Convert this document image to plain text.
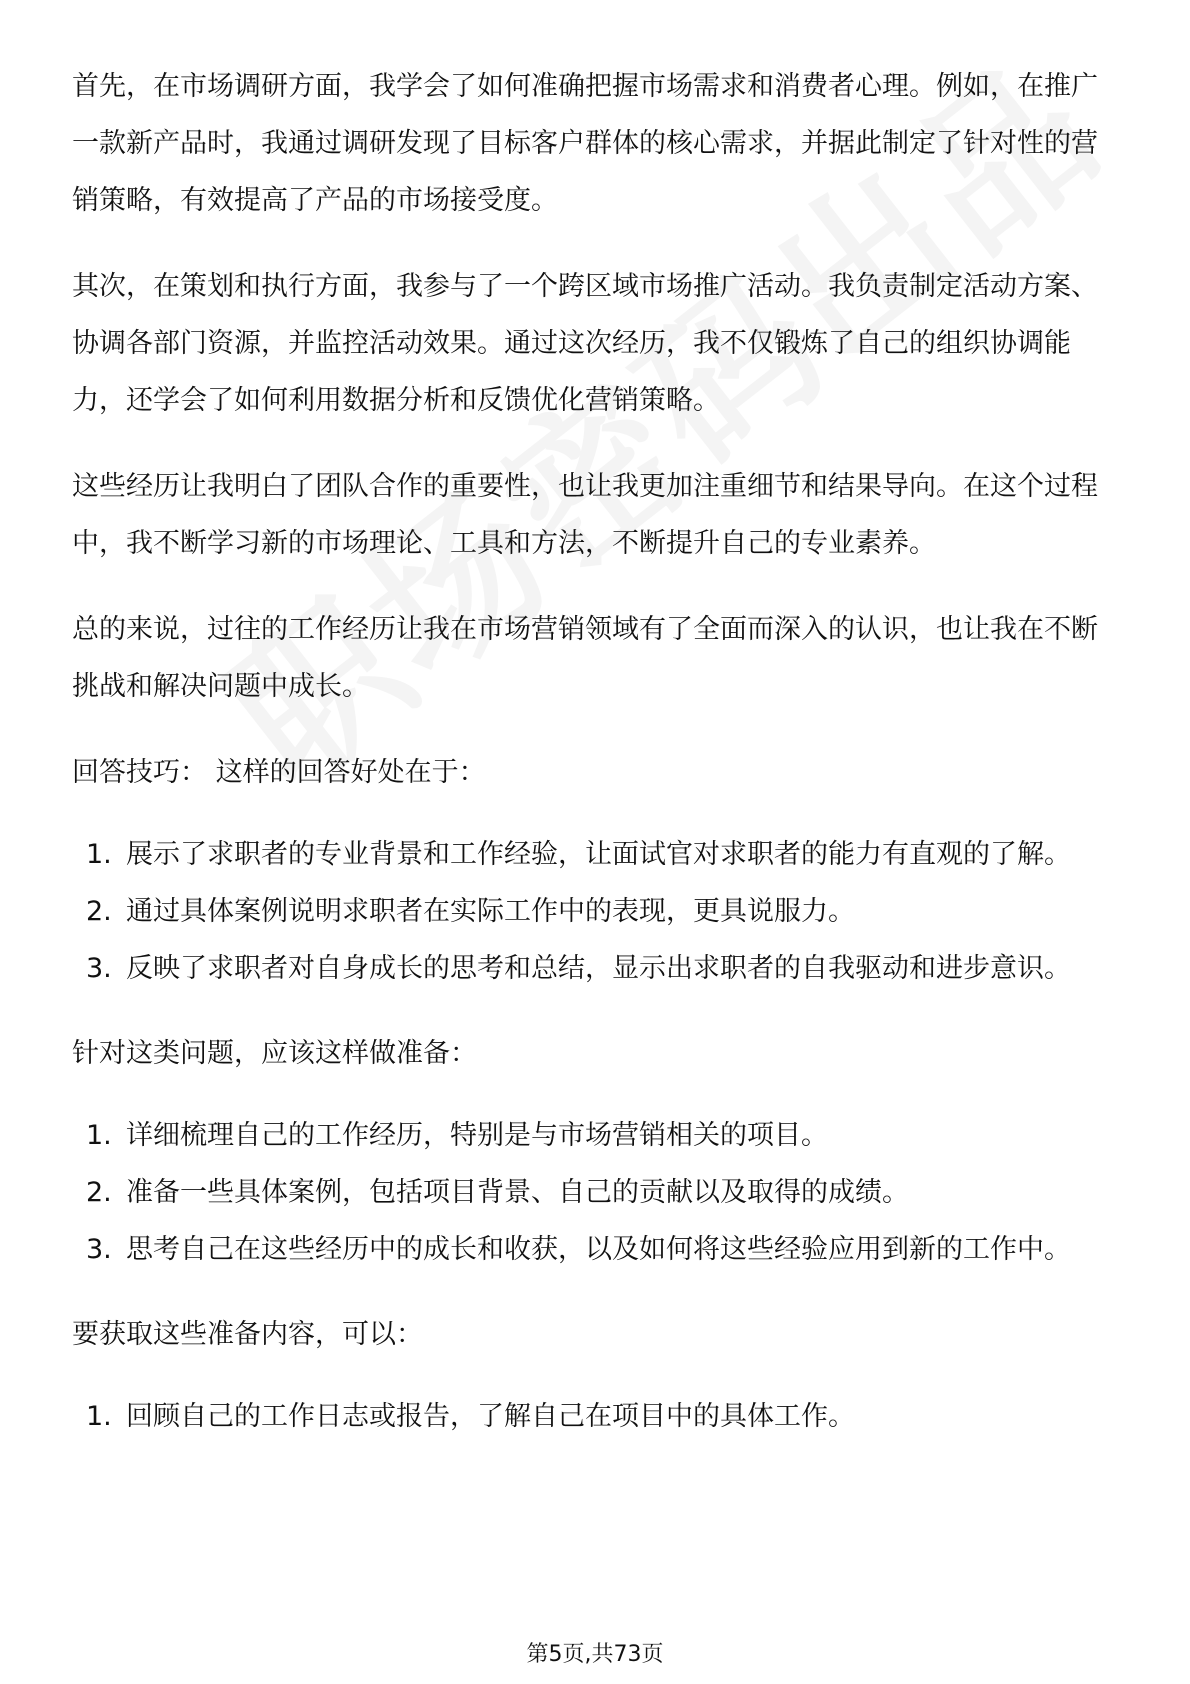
首先，在市场调研方面，我学会了如何准确把握市场需求和消费者心理。例如，在推广一款新产品时，我通过调研发现了目标客户群体的核心需求，并据此制定了针对性的营销策略，有效提高了产品的市场接受度。

其次，在策划和执行方面，我参与了一个跨区域市场推广活动。我负责制定活动方案、协调各部门资源，并监控活动效果。通过这次经历，我不仅锻炼了自己的组织协调能力，还学会了如何利用数据分析和反馈优化营销策略。

这些经历让我明白了团队合作的重要性，也让我更加注重细节和结果导向。在这个过程中，我不断学习新的市场理论、工具和方法，不断提升自己的专业素养。

总的来说，过往的工作经历让我在市场营销领域有了全面而深入的认识，也让我在不断挑战和解决问题中成长。

回答技巧： 这样的回答好处在于：

1. 展示了求职者的专业背景和工作经验，让面试官对求职者的能力有直观的了解。
2. 通过具体案例说明求职者在实际工作中的表现，更具说服力。
3. 反映了求职者对自身成长的思考和总结，显示出求职者的自我驱动和进步意识。

针对这类问题，应该这样做准备：

1. 详细梳理自己的工作经历，特别是与市场营销相关的项目。
2. 准备一些具体案例，包括项目背景、自己的贡献以及取得的成绩。
3. 思考自己在这些经历中的成长和收获，以及如何将这些经验应用到新的工作中。

要获取这些准备内容，可以：

1. 回顾自己的工作日志或报告，了解自己在项目中的具体工作。
第5页,共73页
